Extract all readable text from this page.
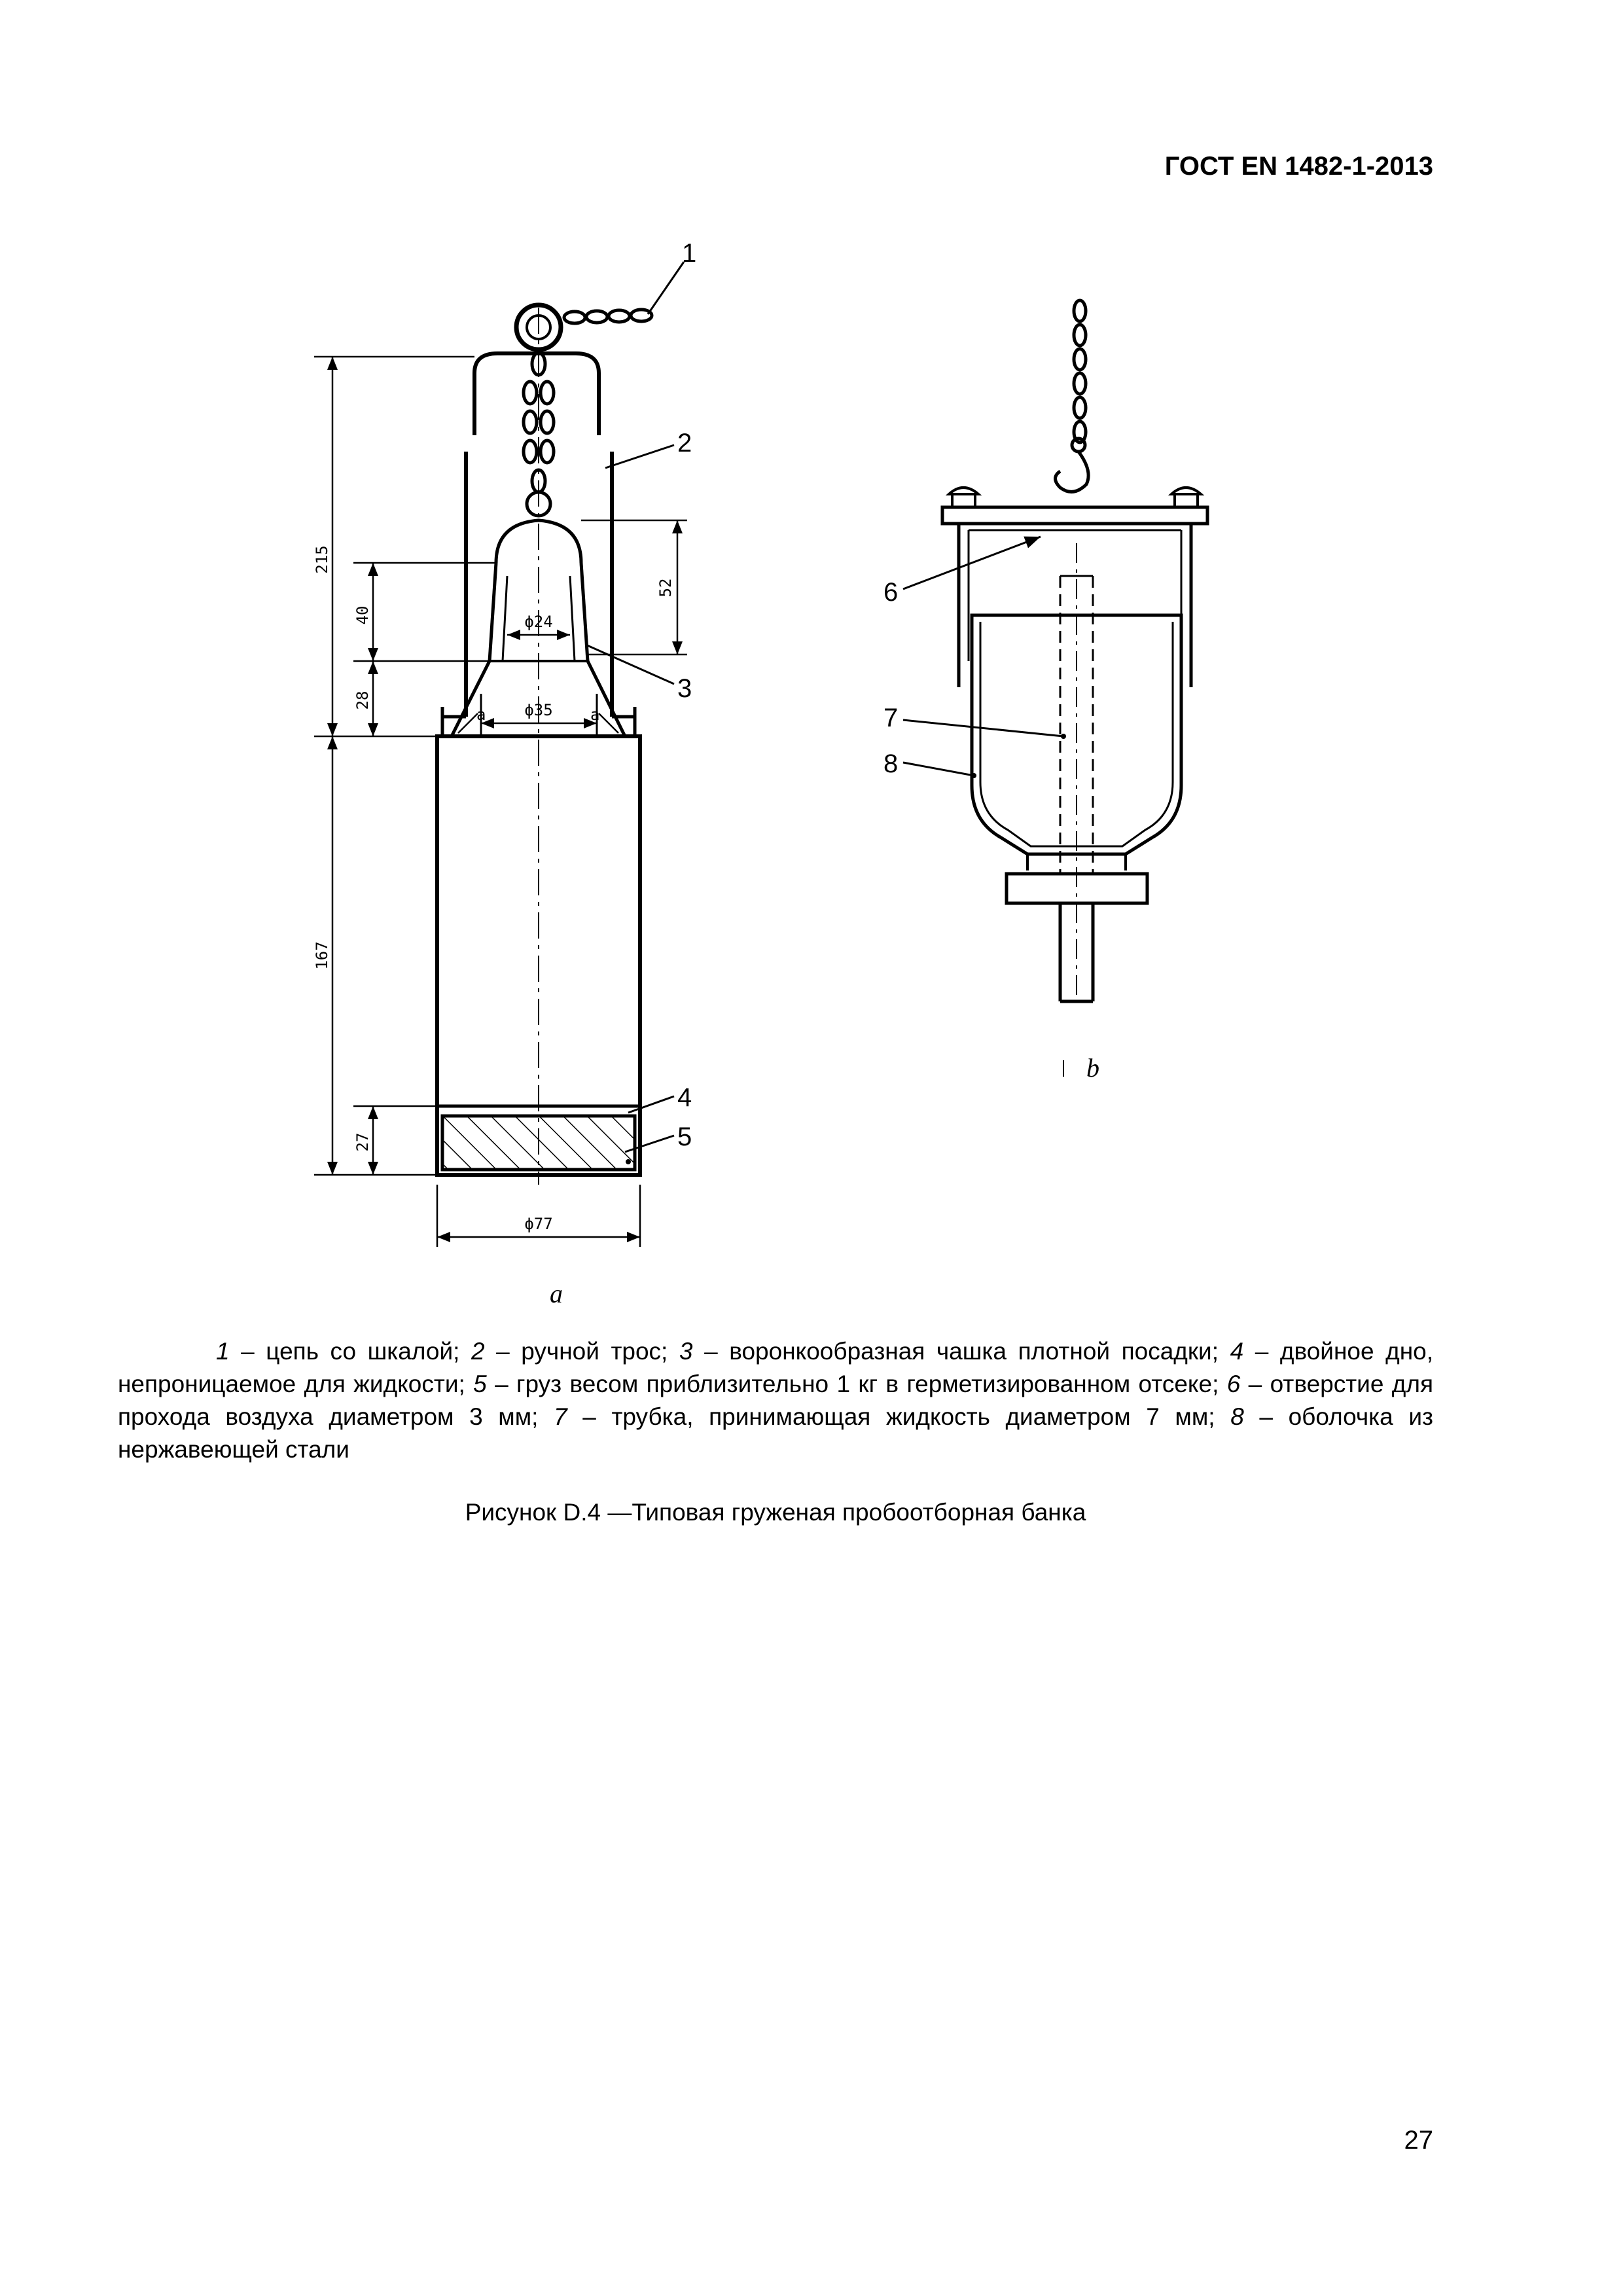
ГОСТ EN 1482-1-2013
1
2
3
4
5
215
167
40
28
27
52
ϕ24
ϕ35
ϕ77
a	a
a
6
7
8
b
1 – цепь со шкалой; 2 – ручной трос; 3 – воронкообразная чашка плотной посадки; 4 – двойное дно, непроницаемое для жидкости; 5 – груз весом приблизительно 1 кг в герметизированном отсеке; 6 – отверстие для прохода воздуха диаметром 3 мм; 7 – трубка, принимающая жидкость диаметром 7 мм; 8 – оболочка из нержавеющей стали
Рисунок D.4 —Типовая груженая пробоотборная банка
27
